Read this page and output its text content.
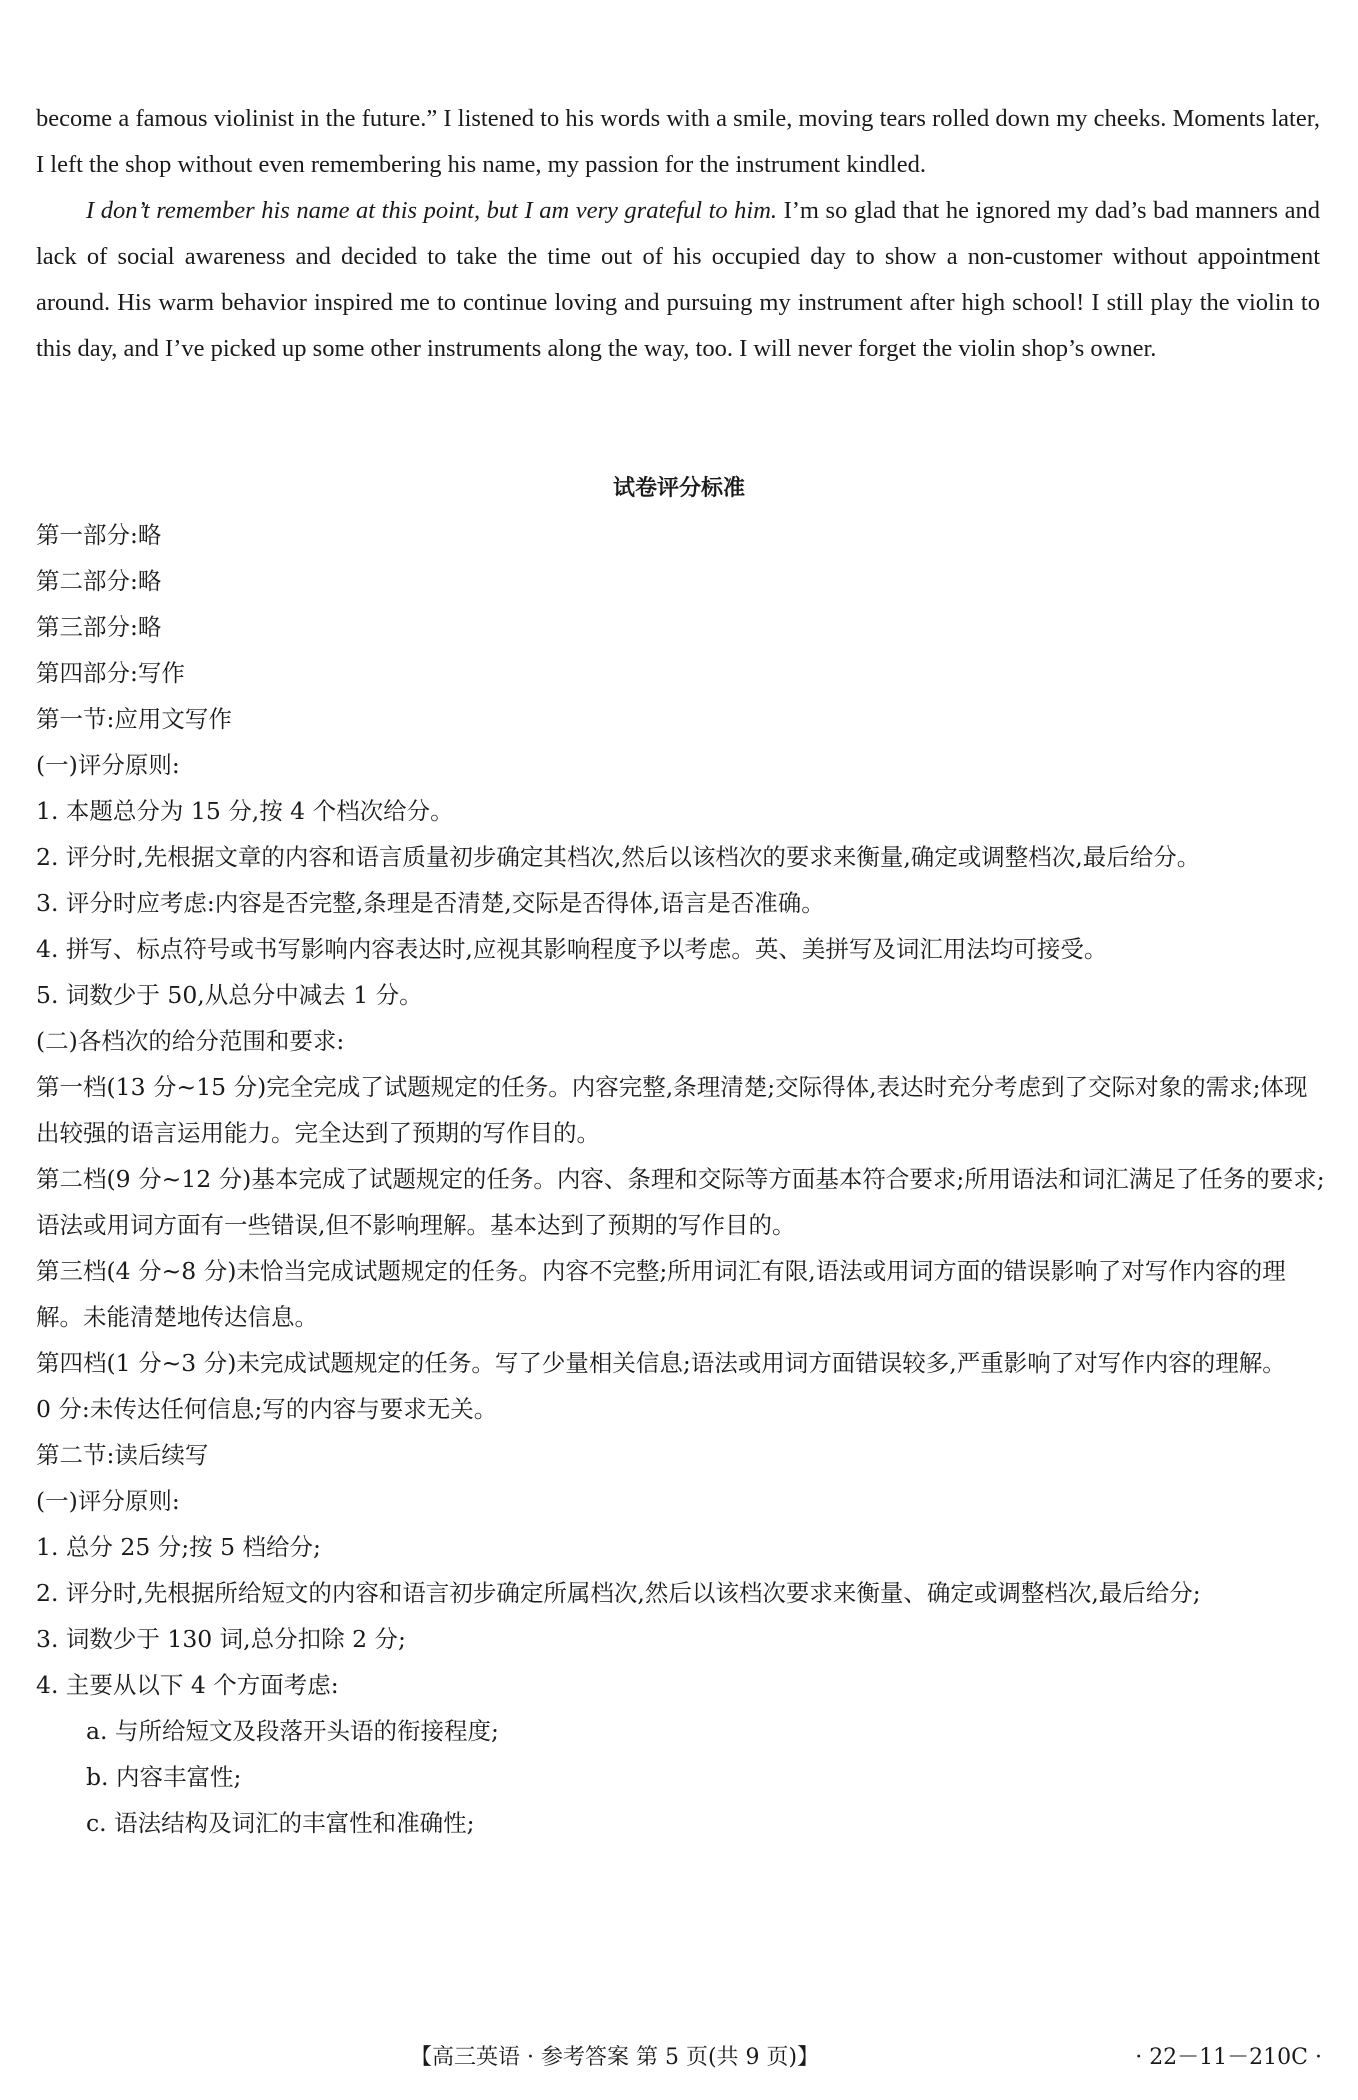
become a famous violinist in the future.” I listened to his words with a smile, moving tears rolled down my cheeks. Moments later, I left the shop without even remembering his name, my passion for the instrument kindled.

I don’t remember his name at this point, but I am very grateful to him. I’m so glad that he ignored my dad’s bad manners and lack of social awareness and decided to take the time out of his occupied day to show a non-customer without appointment around. His warm behavior inspired me to continue loving and pursuing my instrument after high school! I still play the violin to this day, and I’ve picked up some other instruments along the way, too. I will never forget the violin shop’s owner.

试卷评分标准
第一部分:略
第二部分:略
第三部分:略
第四部分:写作
第一节:应用文写作
(一)评分原则:
1. 本题总分为 15 分,按 4 个档次给分。
2. 评分时,先根据文章的内容和语言质量初步确定其档次,然后以该档次的要求来衡量,确定或调整档次,最后给分。
3. 评分时应考虑:内容是否完整,条理是否清楚,交际是否得体,语言是否准确。
4. 拼写、标点符号或书写影响内容表达时,应视其影响程度予以考虑。英、美拼写及词汇用法均可接受。
5. 词数少于 50,从总分中减去 1 分。
(二)各档次的给分范围和要求:
第一档(13 分~15 分)完全完成了试题规定的任务。内容完整,条理清楚;交际得体,表达时充分考虑到了交际对象的需求;体现出较强的语言运用能力。完全达到了预期的写作目的。
第二档(9 分~12 分)基本完成了试题规定的任务。内容、条理和交际等方面基本符合要求;所用语法和词汇满足了任务的要求;语法或用词方面有一些错误,但不影响理解。基本达到了预期的写作目的。
第三档(4 分~8 分)未恰当完成试题规定的任务。内容不完整;所用词汇有限,语法或用词方面的错误影响了对写作内容的理解。未能清楚地传达信息。
第四档(1 分~3 分)未完成试题规定的任务。写了少量相关信息;语法或用词方面错误较多,严重影响了对写作内容的理解。
0 分:未传达任何信息;写的内容与要求无关。
第二节:读后续写
(一)评分原则:
1. 总分 25 分;按 5 档给分;
2. 评分时,先根据所给短文的内容和语言初步确定所属档次,然后以该档次要求来衡量、确定或调整档次,最后给分;
3. 词数少于 130 词,总分扣除 2 分;
4. 主要从以下 4 个方面考虑:
a. 与所给短文及段落开头语的衔接程度;
b. 内容丰富性;
c. 语法结构及词汇的丰富性和准确性;
【高三英语 · 参考答案 第 5 页(共 9 页)】	· 22－11－210C ·
